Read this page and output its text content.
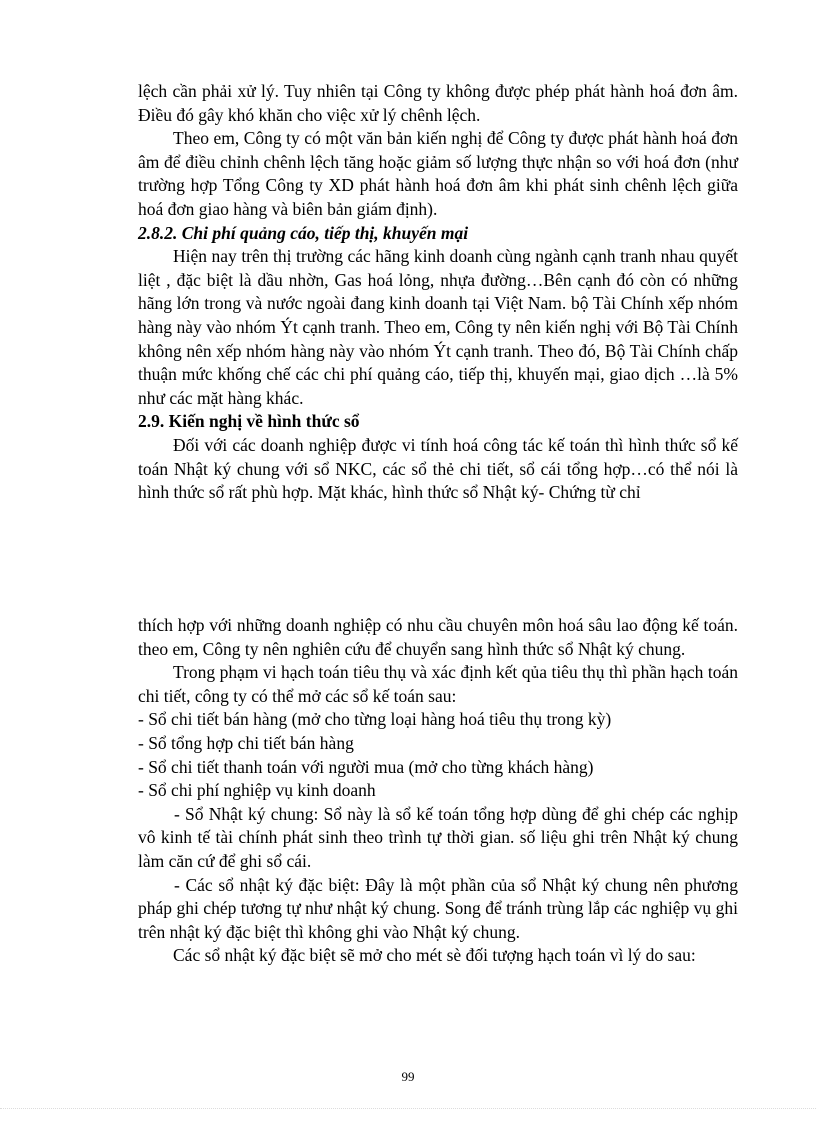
lệch cần phải xử lý. Tuy nhiên tại Công ty không được phép phát hành hoá đơn âm. Điều đó gây khó khăn cho việc xử lý chênh lệch.

Theo em, Công ty có một văn bản kiến nghị để Công ty được phát hành hoá đơn âm để điều chỉnh chênh lệch tăng hoặc giảm số lượng thực nhận so với hoá đơn (như trường hợp Tổng Công ty XD phát hành hoá đơn âm khi phát sinh chênh lệch giữa hoá đơn giao hàng và biên bản giám định).

2.8.2. Chi phí quảng cáo, tiếp thị, khuyến mại

Hiện nay trên thị trường các hãng kinh doanh cùng ngành cạnh tranh nhau quyết liệt , đặc biệt là dầu nhờn, Gas hoá lỏng, nhựa đường…Bên cạnh đó còn có những hãng lớn trong và nước ngoài đang kinh doanh tại Việt Nam. bộ Tài Chính xếp nhóm hàng này vào nhóm Ýt cạnh tranh. Theo em, Công ty nên kiến nghị với Bộ Tài Chính không nên xếp nhóm hàng này vào nhóm Ýt cạnh tranh. Theo đó, Bộ Tài Chính chấp thuận mức khống chế các chi phí quảng cáo, tiếp thị, khuyến mại, giao dịch …là 5% như các mặt hàng khác.

2.9. Kiến nghị về hình thức sổ

Đối với các doanh nghiệp được vi tính hoá công tác kế toán thì hình thức sổ kế toán Nhật ký chung với sổ NKC, các sổ thẻ chi tiết, sổ cái tổng hợp…có thể nói là hình thức sổ rất phù hợp. Mặt khác, hình thức sổ Nhật ký- Chứng từ chỉ

thích hợp với những doanh nghiệp có nhu cầu chuyên môn hoá sâu lao động kế toán. theo em, Công ty nên nghiên cứu để chuyển sang hình thức sổ Nhật ký chung.

Trong phạm vi hạch toán tiêu thụ và xác định kết qủa tiêu thụ thì phần hạch toán chi tiết, công ty có thể mở các sổ kế toán sau:

- Sổ chi tiết bán hàng (mở cho từng loại hàng hoá tiêu thụ trong kỳ)

- Sổ tổng hợp chi tiết bán hàng

- Sổ chi tiết thanh toán với người mua (mở cho từng khách hàng)

- Sổ chi phí nghiệp vụ kinh doanh

- Sổ Nhật ký chung: Sổ này là sổ kế toán tổng hợp dùng để ghi chép các nghịp vô kinh tế tài chính phát sinh theo trình tự thời gian. số liệu ghi trên Nhật ký chung làm căn cứ để ghi sổ cái.

- Các sổ nhật ký đặc biệt: Đây là một phần của sổ Nhật ký chung nên phương pháp ghi chép tương tự như nhật ký chung. Song để tránh trùng lắp các nghiệp vụ ghi trên nhật ký đặc biệt thì không ghi vào Nhật ký chung.

Các sổ nhật ký đặc biệt sẽ mở cho mét sè đối tượng hạch toán vì lý do sau:

99
